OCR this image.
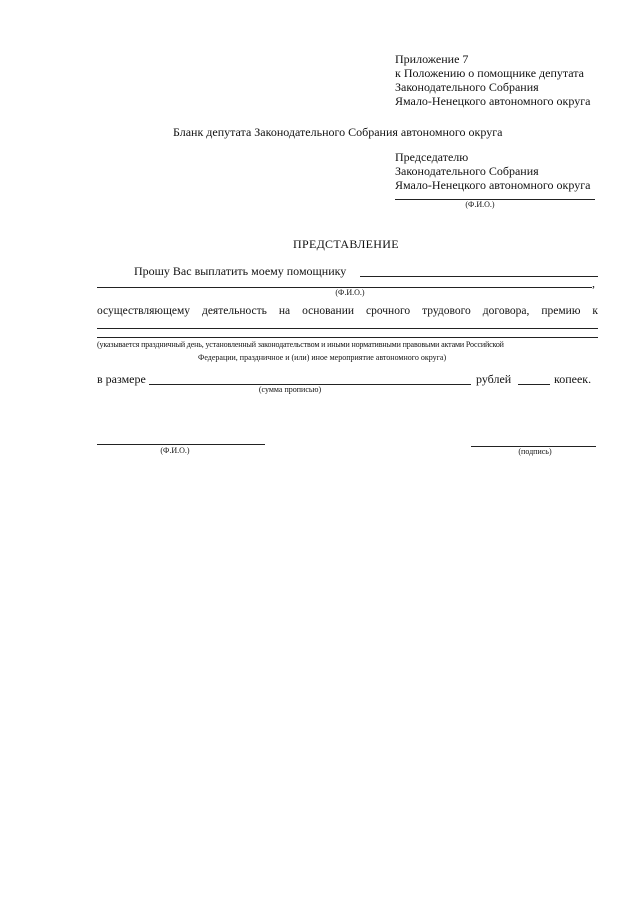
Приложение 7
к Положению о помощнике депутата
Законодательного Собрания
Ямало-Ненецкого автономного округа
Бланк депутата Законодательного Собрания автономного округа
Председателю
Законодательного Собрания
Ямало-Ненецкого автономного округа
(Ф.И.О.)
ПРЕДСТАВЛЕНИЕ
Прошу Вас выплатить моему помощнику
,
(Ф.И.О.)
осуществляющему деятельность на основании срочного трудового договора, премию к
(указывается праздничный день, установленный законодательством и иными нормативными правовыми актами Российской
Федерации, праздничное и (или) иное мероприятие автономного округа)
в размере	рублей	копеек.
(сумма прописью)
(Ф.И.О.)	(подпись)
